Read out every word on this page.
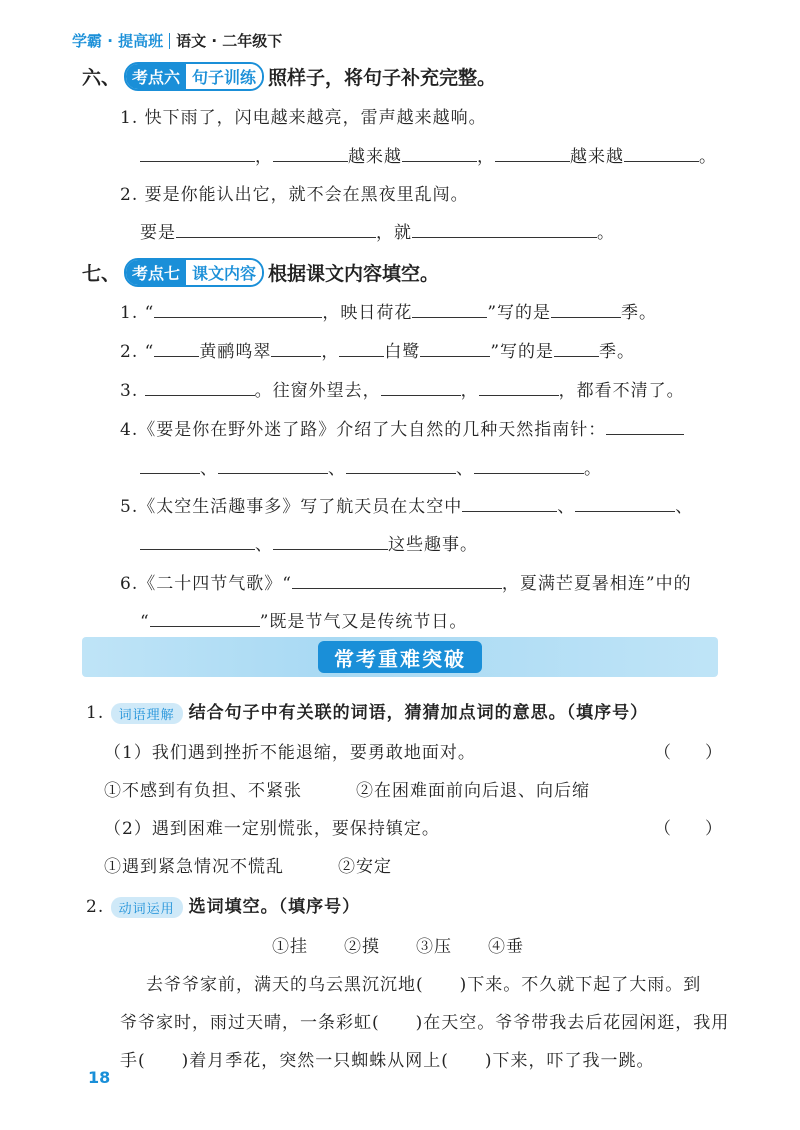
学霸 · 提高班 语文 · 二年级下
六、 考点六 句子训练 照样子，将句子补充完整。
1. 快下雨了，闪电越来越亮，雷声越来越响。
，	越来越	，	越来越	。
2. 要是你能认出它，就不会在黑夜里乱闯。
要是	，就	。
七、 考点七 课文内容 根据课文内容填空。
1. “	，映日荷花	”写的是	季。
2. “	黄鹂鸣翠	，	白鹭	”写的是	季。
3.	。往窗外望去，	，	，都看不清了。
4.《要是你在野外迷了路》介绍了大自然的几种天然指南针：
、	、	、	。
5.《太空生活趣事多》写了航天员在太空中	、	、
、	这些趣事。
6.《二十四节气歌》“	，夏满芒夏暑相连”中的
“	”既是节气又是传统节日。
常考重难突破
1. 词语理解 结合句子中有关联的词语，猜猜加点词的意思。（填序号）
（1）我们遇到挫折不能退缩，要勇敢地面对。	（　　）
①不感到有负担、不紧张　　　②在困难面前向后退、向后缩
（2）遇到困难一定别慌张，要保持镇定。	（　　）
①遇到紧急情况不慌乱　　　②安定
2. 动词运用 选词填空。（填序号）
①挂　　②摸　　③压　　④垂
去爷爷家前，满天的乌云黑沉沉地(　　)下来。不久就下起了大雨。到
爷爷家时，雨过天晴，一条彩虹(　　)在天空。爷爷带我去后花园闲逛，我用
手(　　)着月季花，突然一只蜘蛛从网上(　　)下来，吓了我一跳。
18
